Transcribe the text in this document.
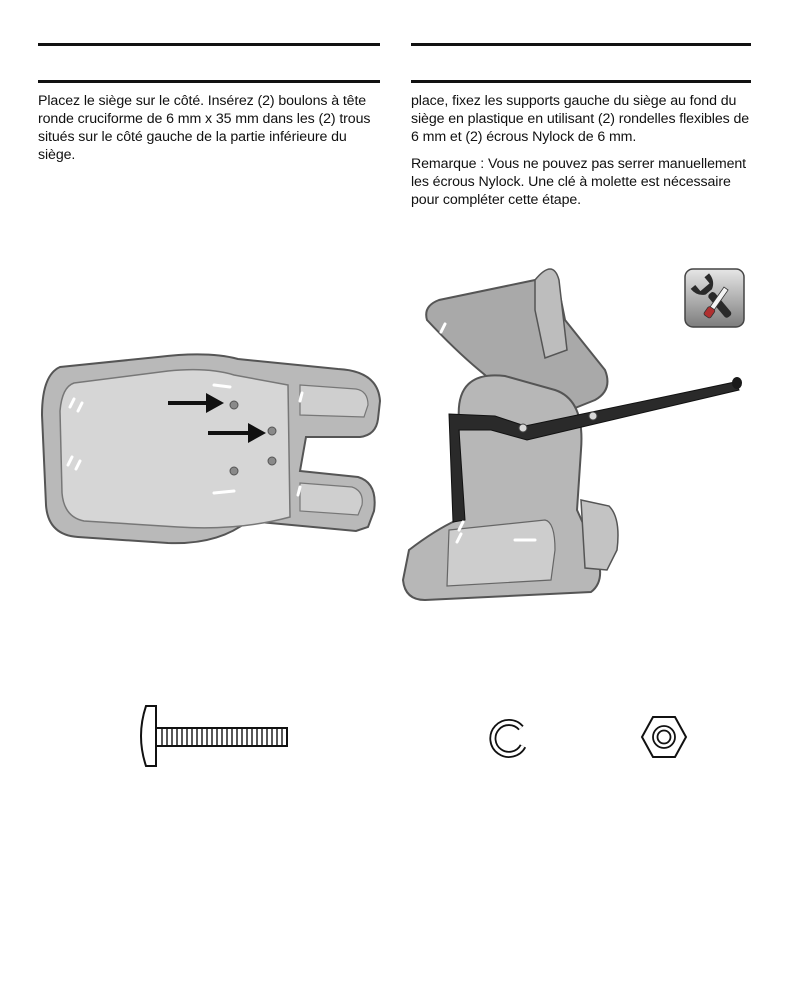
Placez le siège sur le côté. Insérez (2) boulons à tête ronde cruciforme de 6 mm x 35 mm dans les (2) trous situés sur le côté gauche de la partie inférieure du siège.

place, fixez les supports gauche du siège au fond du siège en plastique en utilisant (2) rondelles flexibles de 6 mm et (2) écrous Nylock de 6 mm.

Remarque : Vous ne pouvez pas serrer manuellement les écrous Nylock. Une clé à molette est nécessaire pour compléter cette étape.
